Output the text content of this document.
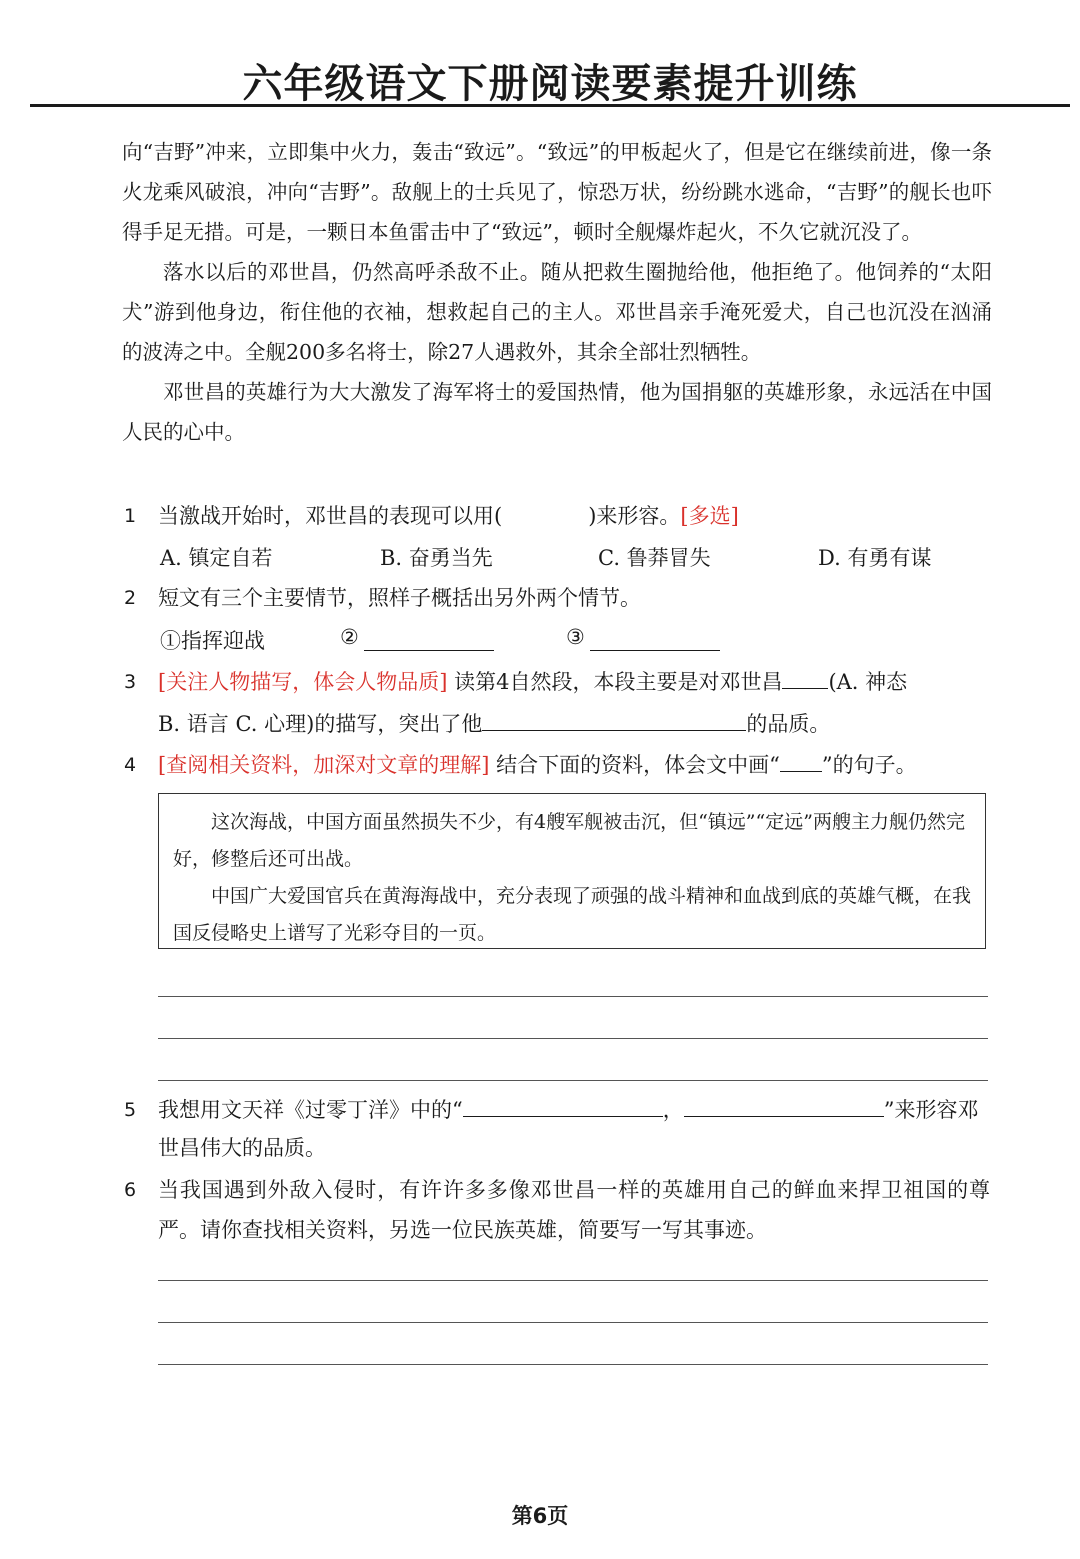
六年级语文下册阅读要素提升训练

向“吉野”冲来，立即集中火力，轰击“致远”。“致远”的甲板起火了，但是它在继续前进，像一条火龙乘风破浪，冲向“吉野”。敌舰上的士兵见了，惊恐万状，纷纷跳水逃命，“吉野”的舰长也吓得手足无措。可是，一颗日本鱼雷击中了“致远”，顿时全舰爆炸起火，不久它就沉没了。

落水以后的邓世昌，仍然高呼杀敌不止。随从把救生圈抛给他，他拒绝了。他饲养的“太阳犬”游到他身边，衔住他的衣袖，想救起自己的主人。邓世昌亲手淹死爱犬，自己也沉没在汹涌的波涛之中。全舰200多名将士，除27人遇救外，其余全部壮烈牺牲。

邓世昌的英雄行为大大激发了海军将士的爱国热情，他为国捐躯的英雄形象，永远活在中国人民的心中。

1 当激战开始时，邓世昌的表现可以用(	)来形容。[多选]
A. 镇定自若	B. 奋勇当先	C. 鲁莽冒失	D. 有勇有谋
2 短文有三个主要情节，照样子概括出另外两个情节。
①指挥迎战	②	③
3 [关注人物描写，体会人物品质] 读第4自然段，本段主要是对邓世昌 (A. 神态
B. 语言 C. 心理)的描写，突出了他	的品质。
4 [查阅相关资料，加深对文章的理解] 结合下面的资料，体会文中画“ ”的句子。

这次海战，中国方面虽然损失不少，有4艘军舰被击沉，但“镇远”“定远”两艘主力舰仍然完好，修整后还可出战。

中国广大爱国官兵在黄海海战中，充分表现了顽强的战斗精神和血战到底的英雄气概，在我国反侵略史上谱写了光彩夺目的一页。

5 我想用文天祥《过零丁洋》中的“	，	”来形容邓
世昌伟大的品质。
6 当我国遇到外敌入侵时，有许许多多像邓世昌一样的英雄用自己的鲜血来捍卫祖国的尊严。请你查找相关资料，另选一位民族英雄，简要写一写其事迹。
第6页
